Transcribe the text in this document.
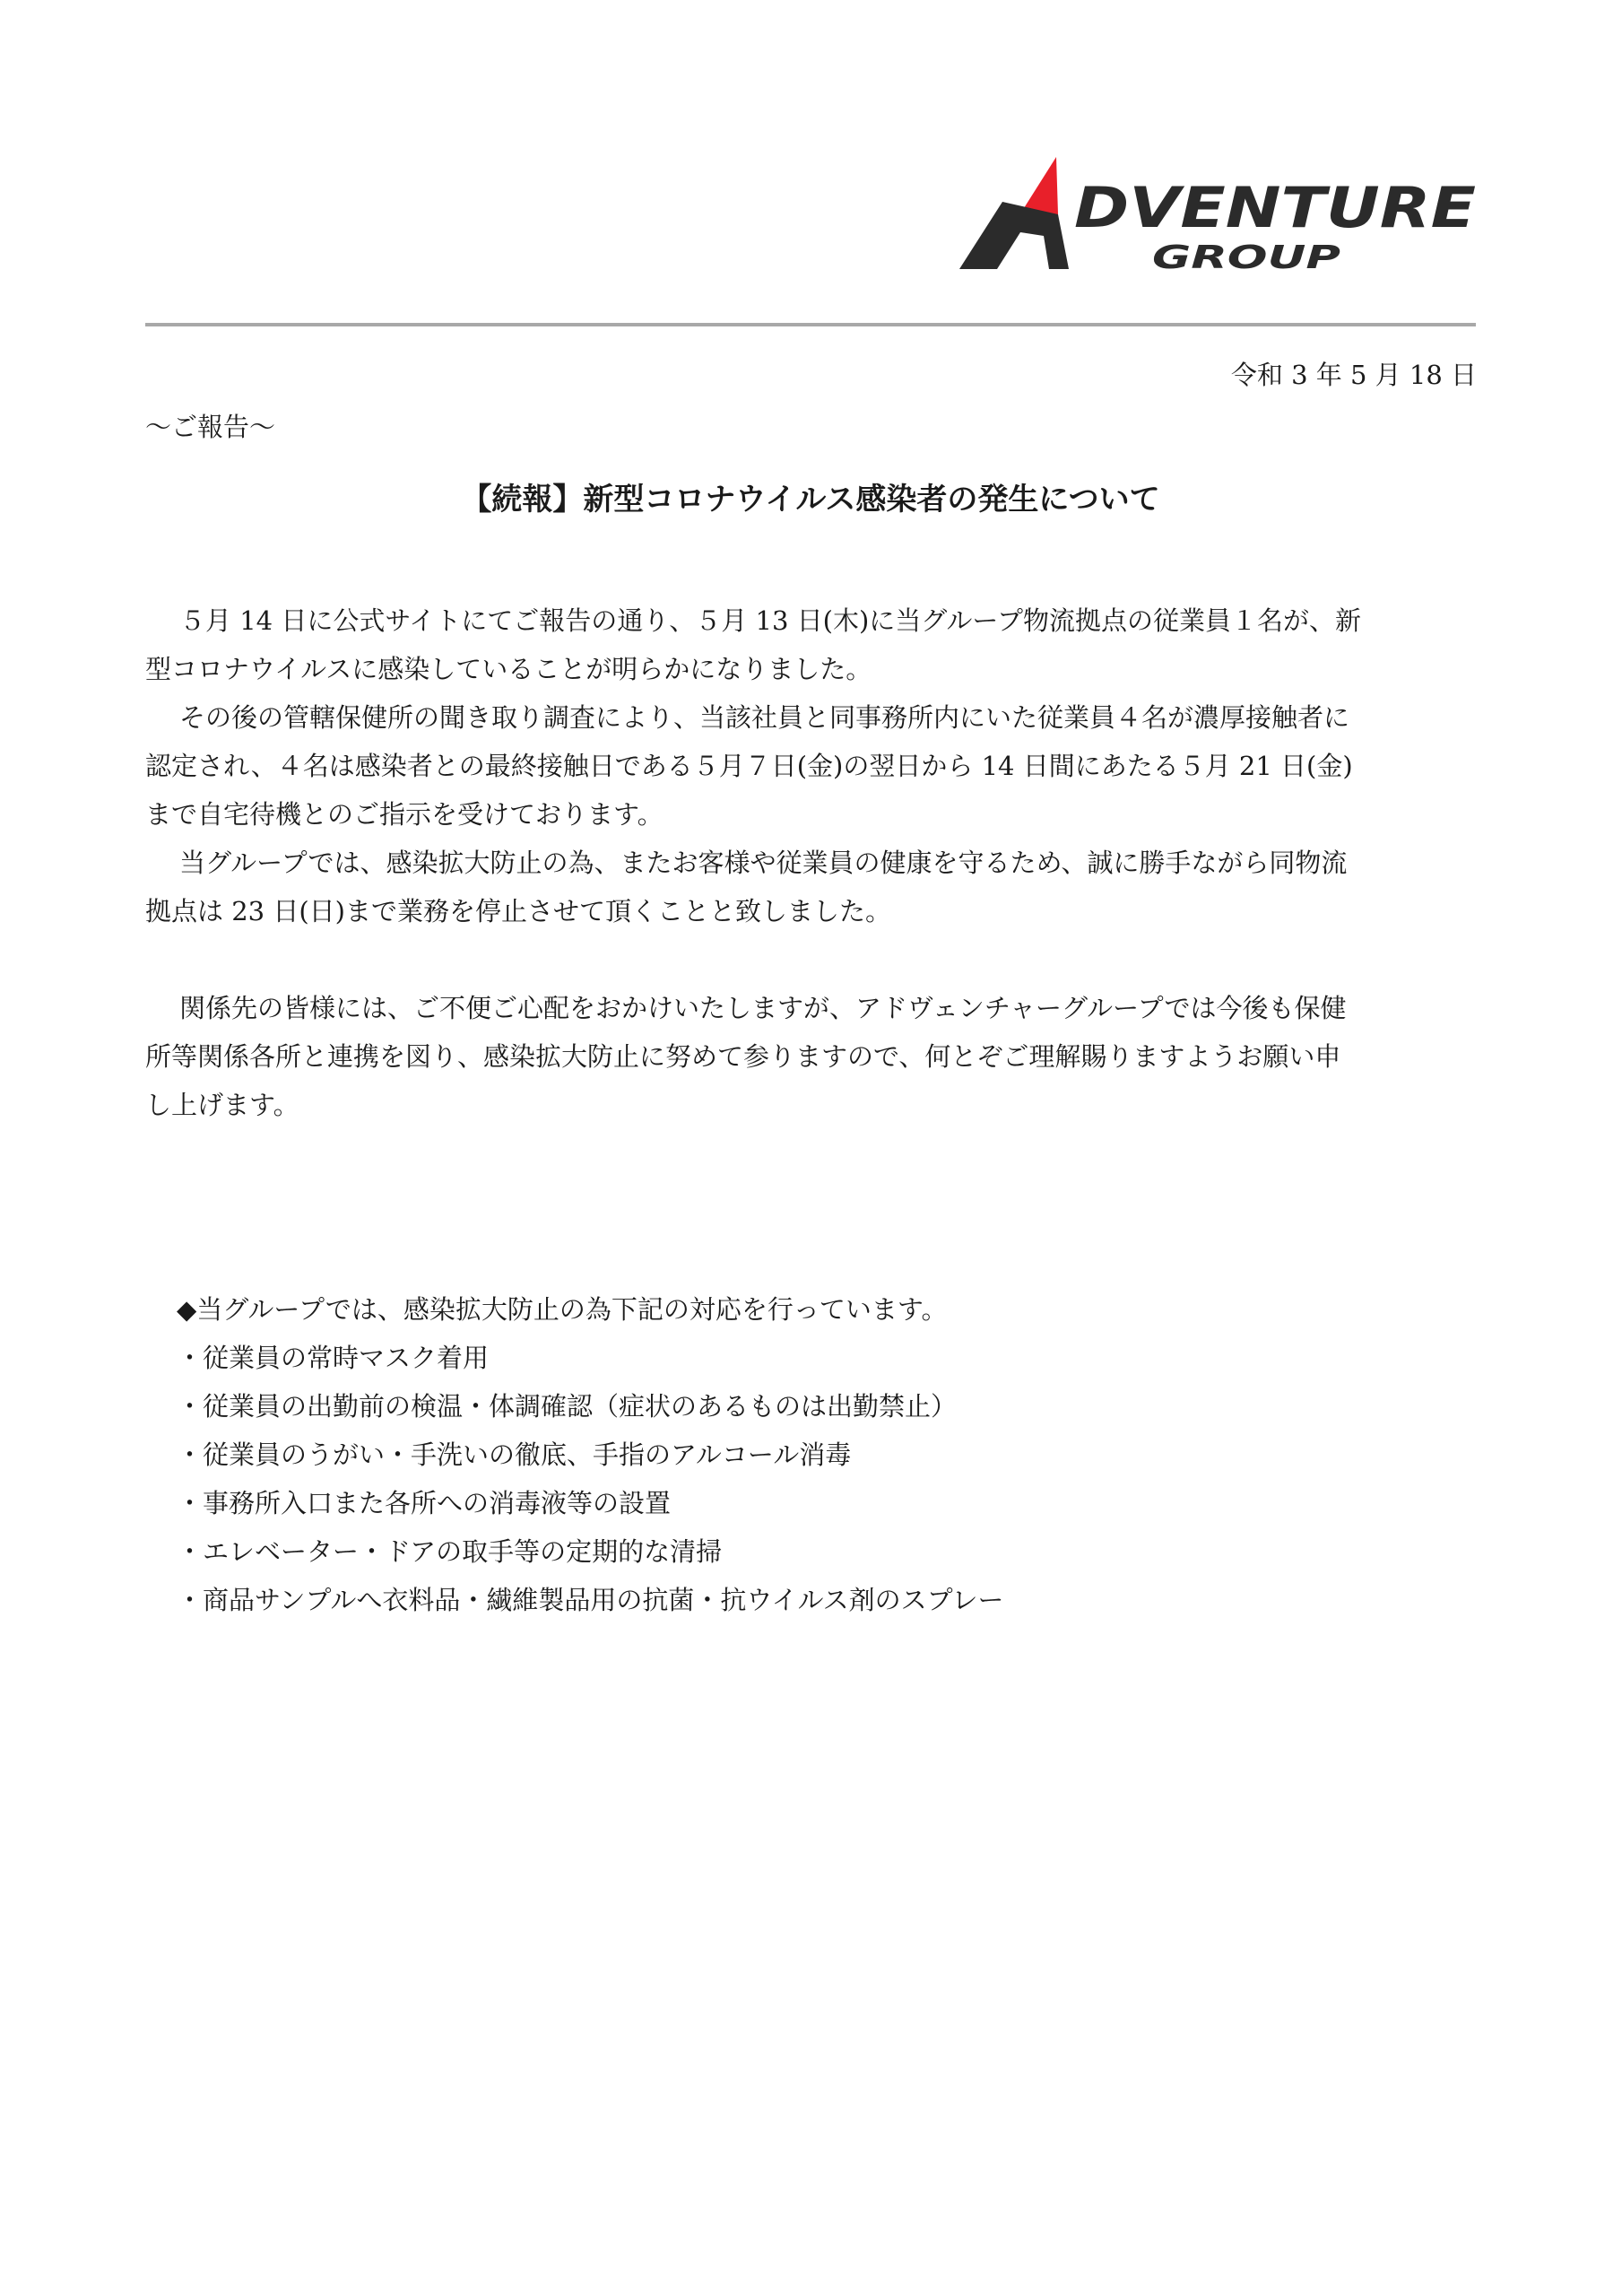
DVENTURE
GROUP
令和 3 年 5 月 18 日
〜ご報告〜
【続報】新型コロナウイルス感染者の発生について
５月 14 日に公式サイトにてご報告の通り、５月 13 日(木)に当グループ物流拠点の従業員１名が、新
型コロナウイルスに感染していることが明らかになりました。
その後の管轄保健所の聞き取り調査により、当該社員と同事務所内にいた従業員４名が濃厚接触者に
認定され、４名は感染者との最終接触日である５月７日(金)の翌日から 14 日間にあたる５月 21 日(金)
まで自宅待機とのご指示を受けております。
当グループでは、感染拡大防止の為、またお客様や従業員の健康を守るため、誠に勝手ながら同物流
拠点は 23 日(日)まで業務を停止させて頂くことと致しました。
関係先の皆様には、ご不便ご心配をおかけいたしますが、アドヴェンチャーグループでは今後も保健
所等関係各所と連携を図り、感染拡大防止に努めて参りますので、何とぞご理解賜りますようお願い申
し上げます。
◆当グループでは、感染拡大防止の為下記の対応を行っています。
・従業員の常時マスク着用
・従業員の出勤前の検温・体調確認（症状のあるものは出勤禁止）
・従業員のうがい・手洗いの徹底、手指のアルコール消毒
・事務所入口また各所への消毒液等の設置
・エレベーター・ドアの取手等の定期的な清掃
・商品サンプルへ衣料品・繊維製品用の抗菌・抗ウイルス剤のスプレー
